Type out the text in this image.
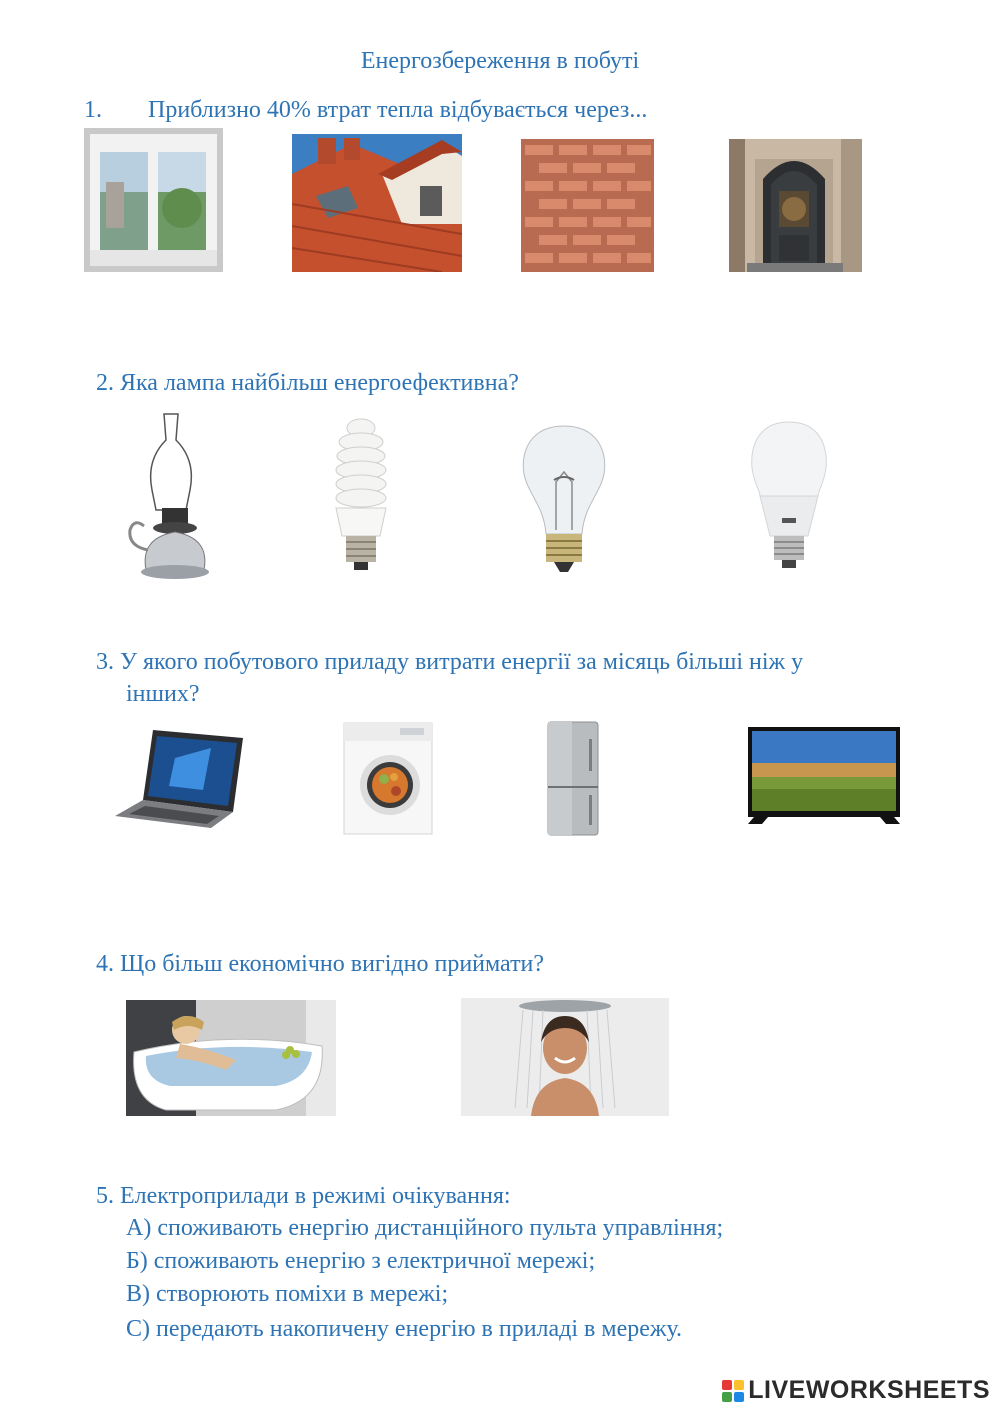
Енергозбереження в побуті
1. Приблизно 40% втрат тепла відбувається через...
2. Яка лампа найбільш енергоефективна?
3. У якого побутового приладу витрати енергії за місяць більші ніж у
інших?
4. Що більш економічно вигідно приймати?
5. Електроприлади в режимі очікування:
А) споживають енергію дистанційного пульта управління;
Б) споживають енергію з електричної мережі;
В) створюють поміхи в мережі;
С) передають накопичену енергію в приладі в мережу.
LIVEWORKSHEETS
